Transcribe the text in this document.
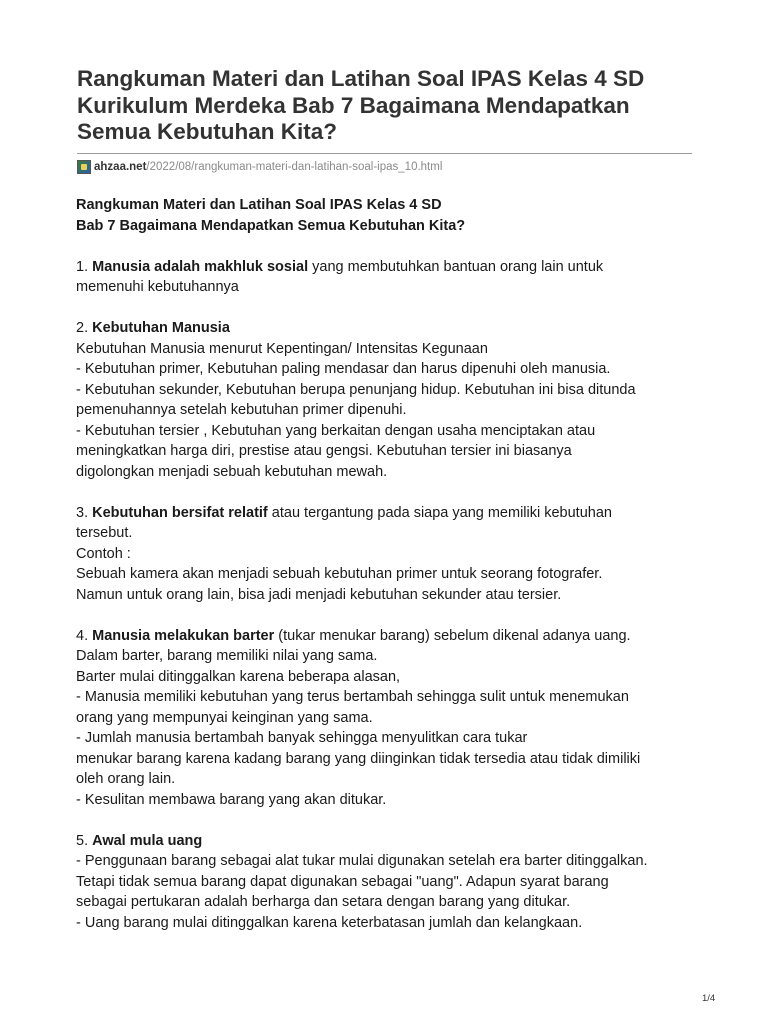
Rangkuman Materi dan Latihan Soal IPAS Kelas 4 SD
Kurikulum Merdeka Bab 7 Bagaimana Mendapatkan
Semua Kebutuhan Kita?
ahzaa.net /2022/08/rangkuman-materi-dan-latihan-soal-ipas_10.html
Rangkuman Materi dan Latihan Soal IPAS Kelas 4 SD
Bab 7 Bagaimana Mendapatkan Semua Kebutuhan Kita?
1. Manusia adalah makhluk sosial yang membutuhkan bantuan orang lain untuk
memenuhi kebutuhannya
2. Kebutuhan Manusia
Kebutuhan Manusia menurut Kepentingan/ Intensitas Kegunaan
- Kebutuhan primer, Kebutuhan paling mendasar dan harus dipenuhi oleh manusia.
- Kebutuhan sekunder, Kebutuhan berupa penunjang hidup. Kebutuhan ini bisa ditunda
pemenuhannya setelah kebutuhan primer dipenuhi.
- Kebutuhan tersier , Kebutuhan yang berkaitan dengan usaha menciptakan atau
meningkatkan harga diri, prestise atau gengsi. Kebutuhan tersier ini biasanya
digolongkan menjadi sebuah kebutuhan mewah.
3. Kebutuhan bersifat relatif atau tergantung pada siapa yang memiliki kebutuhan
tersebut.
Contoh :
Sebuah kamera akan menjadi sebuah kebutuhan primer untuk seorang fotografer.
Namun untuk orang lain, bisa jadi menjadi kebutuhan sekunder atau tersier.
4. Manusia melakukan barter (tukar menukar barang) sebelum dikenal adanya uang.
Dalam barter, barang memiliki nilai yang sama.
Barter mulai ditinggalkan karena beberapa alasan,
- Manusia memiliki kebutuhan yang terus bertambah sehingga sulit untuk menemukan
orang yang mempunyai keinginan yang sama.
- Jumlah manusia bertambah banyak sehingga menyulitkan cara tukar
menukar barang karena kadang barang yang diinginkan tidak tersedia atau tidak dimiliki
oleh orang lain.
- Kesulitan membawa barang yang akan ditukar.
5. Awal mula uang
- Penggunaan barang sebagai alat tukar mulai digunakan setelah era barter ditinggalkan.
Tetapi tidak semua barang dapat digunakan sebagai "uang". Adapun syarat barang
sebagai pertukaran adalah berharga dan setara dengan barang yang ditukar.
- Uang barang mulai ditinggalkan karena keterbatasan jumlah dan kelangkaan.
1/4
